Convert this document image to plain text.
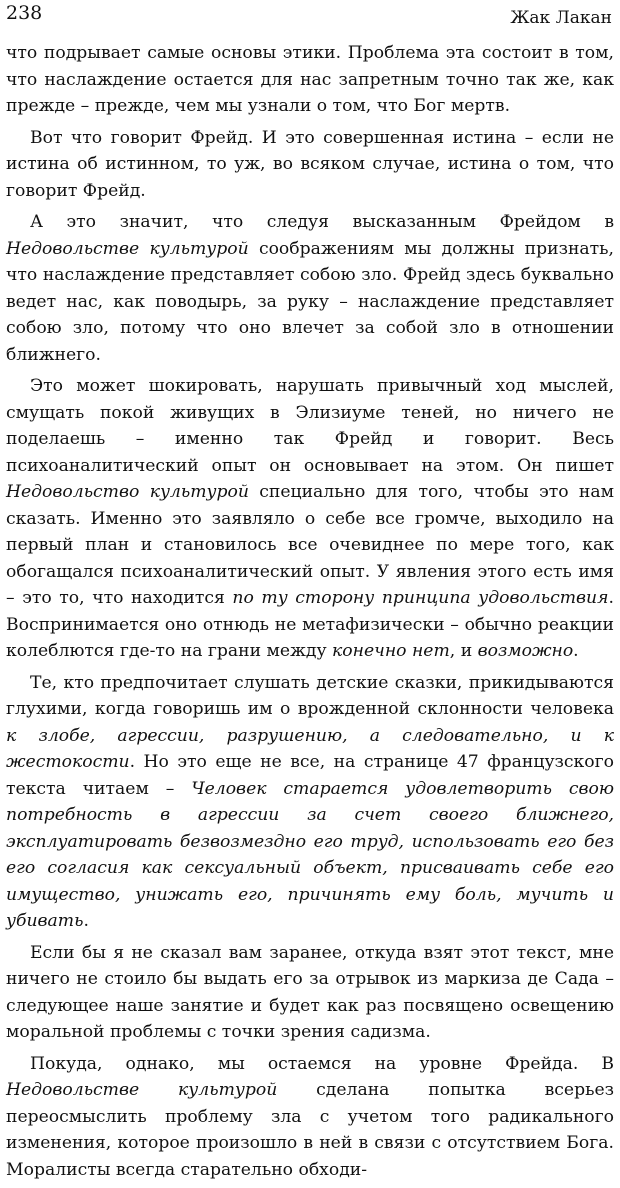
238	Жак Лакан

что подрывает самые основы этики. Проблема эта состоит в том, что наслаждение остается для нас запретным точно так же, как прежде – прежде, чем мы узнали о том, что Бог мертв.

Вот что говорит Фрейд. И это совершенная истина – если не истина об истинном, то уж, во всяком случае, истина о том, что говорит Фрейд.

А это значит, что следуя высказанным Фрейдом в Недовольстве культурой соображениям мы должны признать, что наслаждение представляет собою зло. Фрейд здесь буквально ведет нас, как поводырь, за руку – наслаждение представляет собою зло, потому что оно влечет за собой зло в отношении ближнего.

Это может шокировать, нарушать привычный ход мыслей, смущать покой живущих в Элизиуме теней, но ничего не поделаешь – именно так Фрейд и говорит. Весь психоаналитический опыт он основывает на этом. Он пишет Недовольство культурой специально для того, чтобы это нам сказать. Именно это заявляло о себе все громче, выходило на первый план и становилось все очевиднее по мере того, как обогащался психоаналитический опыт. У явления этого есть имя – это то, что находится по ту сторону принципа удовольствия. Воспринимается оно отнюдь не метафизически – обычно реакции колеблются где-то на грани между конечно нет, и возможно.

Те, кто предпочитает слушать детские сказки, прикидываются глухими, когда говоришь им о врожденной склонности человека к злобе, агрессии, разрушению, а следовательно, и к жестокости. Но это еще не все, на странице 47 французского текста читаем – Человек старается удовлетворить свою потребность в агрессии за счет своего ближнего, эксплуатировать безвозмездно его труд, использовать его без его согласия как сексуальный объект, присваивать себе его имущество, унижать его, причинять ему боль, мучить и убивать.

Если бы я не сказал вам заранее, откуда взят этот текст, мне ничего не стоило бы выдать его за отрывок из маркиза де Сада – следующее наше занятие и будет как раз посвящено освещению моральной проблемы с точки зрения садизма.

Покуда, однако, мы остаемся на уровне Фрейда. В Недовольстве культурой сделана попытка всерьез переосмыслить проблему зла с учетом того радикального изменения, которое произошло в ней в связи с отсутствием Бога. Моралисты всегда старательно обходи-
